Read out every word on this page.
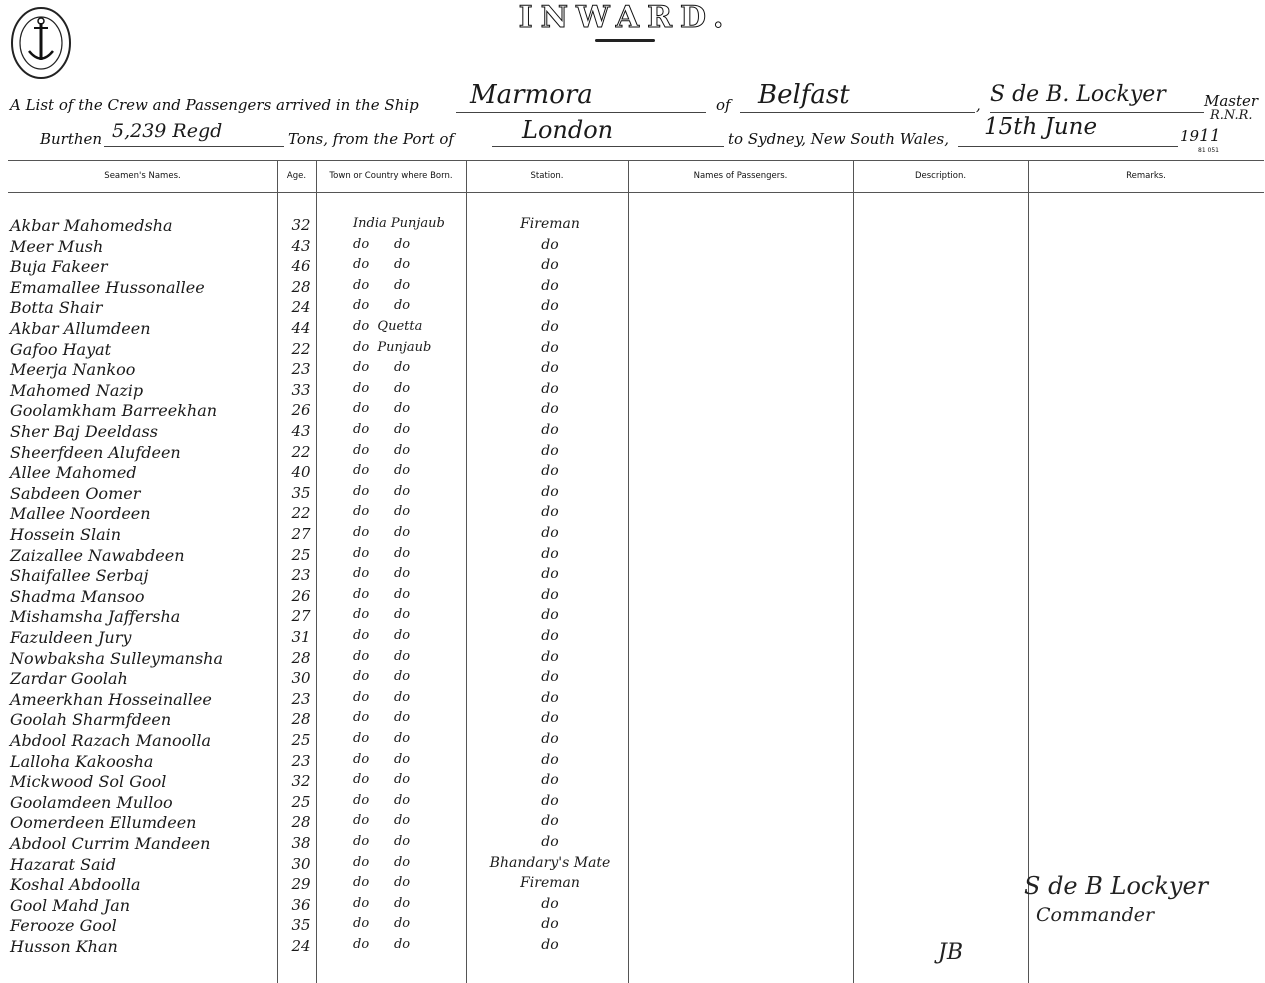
INWARD.
A List of the Crew and Passengers arrived in the Ship Marmora	of Belfast	, S de B. Lockyer	Master
R.N.R.
Burthen 5,239 Regd	Tons, from the Port of	London	to Sydney, New South Wales, 15th June	1911
81 051
Seamen's Names.	Age.	Town or Country where Born.	Station.	Names of Passengers.	Description.	Remarks.
Akbar Mahomedsha	32	India Punjaub	Fireman
Meer Mush	43	do      do	do
Buja Fakeer	46	do      do	do
Emamallee Hussonallee	28	do      do	do
Botta Shair	24	do      do	do
Akbar Allumdeen	44	do  Quetta	do
Gafoo Hayat	22	do  Punjaub	do
Meerja Nankoo	23	do      do	do
Mahomed Nazip	33	do      do	do
Goolamkham Barreekhan	26	do      do	do
Sher Baj Deeldass	43	do      do	do
Sheerfdeen Alufdeen	22	do      do	do
Allee Mahomed	40	do      do	do
Sabdeen Oomer	35	do      do	do
Mallee Noordeen	22	do      do	do
Hossein Slain	27	do      do	do
Zaizallee Nawabdeen	25	do      do	do
Shaifallee Serbaj	23	do      do	do
Shadma Mansoo	26	do      do	do
Mishamsha Jaffersha	27	do      do	do
Fazuldeen Jury	31	do      do	do
Nowbaksha Sulleymansha	28	do      do	do
Zardar Goolah	30	do      do	do
Ameerkhan Hosseinallee	23	do      do	do
Goolah Sharmfdeen	28	do      do	do
Abdool Razach Manoolla	25	do      do	do
Lalloha Kakoosha	23	do      do	do
Mickwood Sol Gool	32	do      do	do
Goolamdeen Mulloo	25	do      do	do
Oomerdeen Ellumdeen	28	do      do	do
Abdool Currim Mandeen	38	do      do	do
Hazarat Said	30	do      do	Bhandary's Mate
Koshal Abdoolla	29	do      do	Fireman
Gool Mahd Jan	36	do      do	do
Ferooze Gool	35	do      do	do
Husson Khan	24	do      do	do
S de B Lockyer
Commander
JB
